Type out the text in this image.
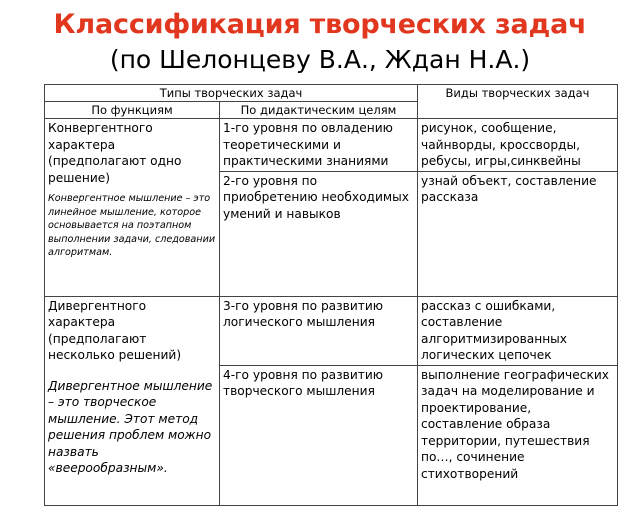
Классификация творческих задач
(по Шелонцеву В.А., Ждан Н.А.)
Типы творческих задач		Виды творческих задач
По функциям	По дидактическим целям	

Конвергентного характера (предполагают одно решение)
Конвергентное мышление – это линейное мышление, которое основывается на поэтапном выполнении задачи, следовании алгоритмам.	1-го уровня по овладению теоретическими и практическими знаниями	рисунок, сообщение, чайнворды, кроссворды, ребусы, игры,синквейны
	2-го уровня по приобретению необходимых умений и навыков	узнай объект, составление рассказа

Дивергентного характера (предполагают несколько решений)
Дивергентное мышление – это творческое мышление. Этот метод решения проблем можно назвать «веерообразным».	3-го уровня по развитию логического мышления	рассказ с ошибками, составление алгоритмизированных логических цепочек
	4-го уровня по развитию творческого мышления	выполнение географических задач на моделирование и проектирование, составление образа территории, путешествия по…, сочинение стихотворений
